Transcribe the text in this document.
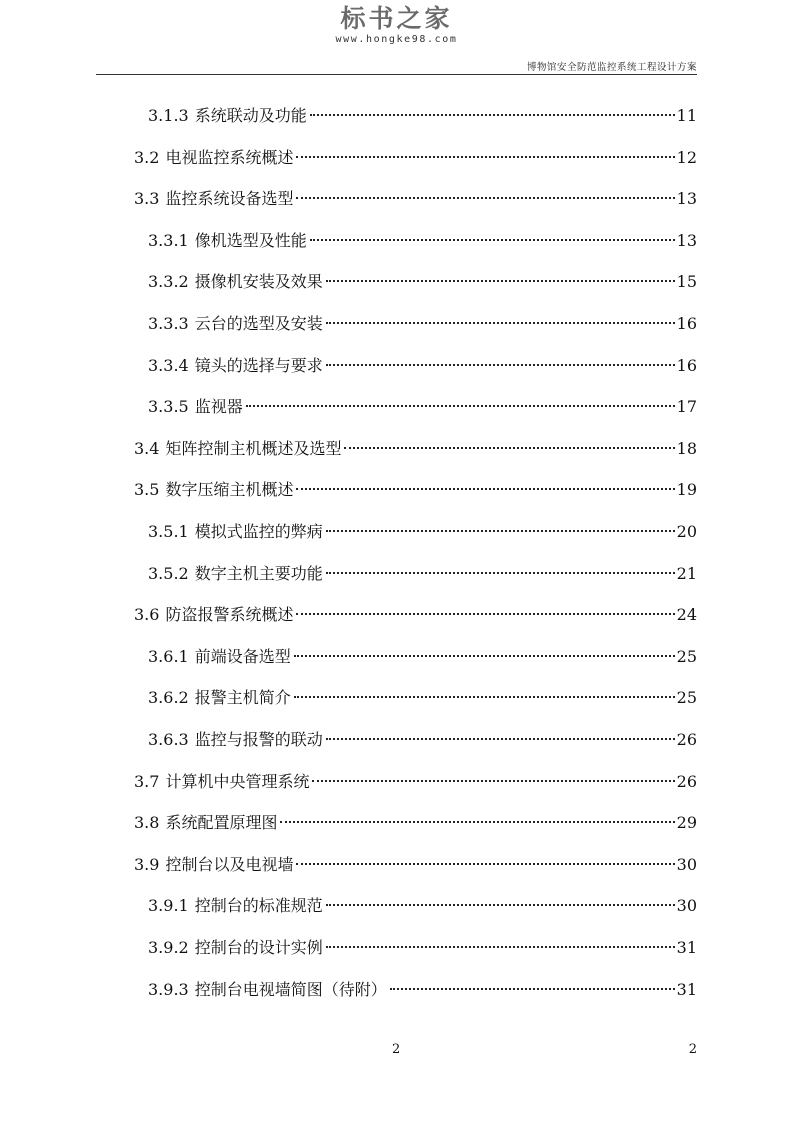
标书之家
www.hongke98.com
博物馆安全防范监控系统工程设计方案
3.1.3 系统联动及功能	11
3.2 电视监控系统概述	12
3.3 监控系统设备选型	13
3.3.1 像机选型及性能	13
3.3.2 摄像机安装及效果	15
3.3.3 云台的选型及安装	16
3.3.4 镜头的选择与要求	16
3.3.5 监视器	17
3.4 矩阵控制主机概述及选型	18
3.5 数字压缩主机概述	19
3.5.1 模拟式监控的弊病	20
3.5.2 数字主机主要功能	21
3.6 防盗报警系统概述	24
3.6.1 前端设备选型	25
3.6.2 报警主机简介	25
3.6.3 监控与报警的联动	26
3.7 计算机中央管理系统	26
3.8 系统配置原理图	29
3.9 控制台以及电视墙	30
3.9.1 控制台的标准规范	30
3.9.2 控制台的设计实例	31
3.9.3 控制台电视墙简图（待附）	31
2	2
